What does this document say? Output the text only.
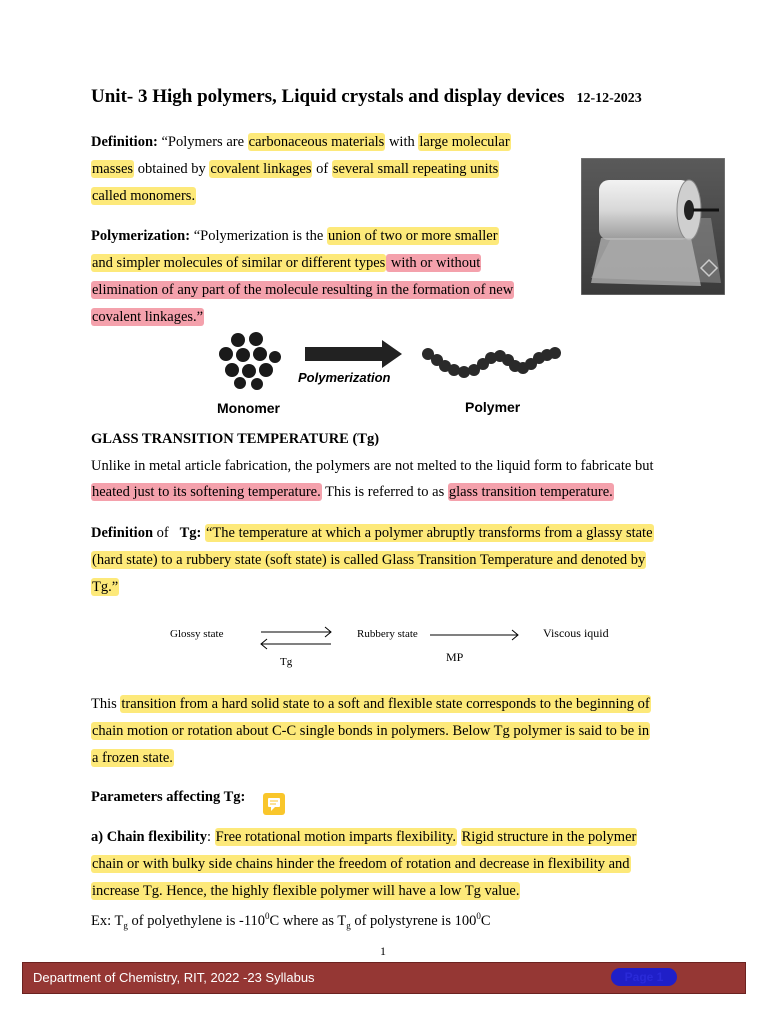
Unit- 3 High polymers, Liquid crystals and display devices 12-12-2023
Definition: “Polymers are carbonaceous materials with large molecular
masses obtained by covalent linkages of several small repeating units
called monomers.
Polymerization: “Polymerization is the union of two or more smaller
and simpler molecules of similar or different types with or without
elimination of any part of the molecule resulting in the formation of new
covalent linkages.”
Monomer
Polymerization
Polymer
GLASS TRANSITION TEMPERATURE (Tg)
Unlike in metal article fabrication, the polymers are not melted to the liquid form to fabricate but
heated just to its softening temperature. This is referred to as glass transition temperature.
Definition of   Tg: “The temperature at which a polymer abruptly transforms from a glassy state
(hard state) to a rubbery state (soft state) is called Glass Transition Temperature and denoted by
Tg.”
Glossy state
Tg
Rubbery state
MP
Viscous iquid
This transition from a hard solid state to a soft and flexible state corresponds to the beginning of
chain motion or rotation about C-C single bonds in polymers. Below Tg polymer is said to be in
a frozen state.
Parameters affecting Tg:
a) Chain flexibility: Free rotational motion imparts flexibility. Rigid structure in the polymer
chain or with bulky side chains hinder the freedom of rotation and decrease in flexibility and
increase Tg. Hence, the highly flexible polymer will have a low Tg value.
Ex: $T_g$ of polyethylene is $-110^0C$ where as $T_g$ of polystyrene is $100^0C$
1
Department of Chemistry, RIT, 2022 -23 Syllabus	Page 1
